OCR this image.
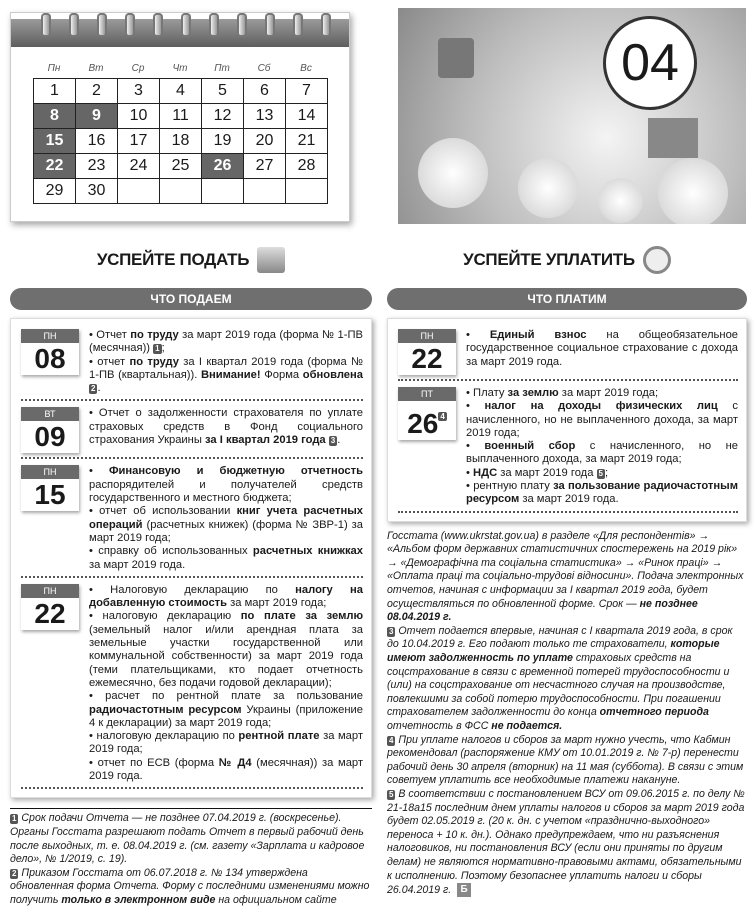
Пн	Вт	Ср	Чт	Пт	Сб	Вс
1	2	3	4	5	6	7
8	9	10	11	12	13	14
15	16	17	18	19	20	21
22	23	24	25	26	27	28
29	30					
04
УСПЕЙТЕ ПОДАТЬ	УСПЕЙТЕ УПЛАТИТЬ
ЧТО ПОДАЕМ	ЧТО ПЛАТИМ
ПН
08

• Отчет по труду за март 2019 года (форма № 1-ПВ (месячная)) 1 ;

• отчет по труду за I квартал 2019 года (форма № 1-ПВ (квартальная)). Внимание! Форма обновлена 2 .

ВТ
09

• Отчет о задолженности страхователя по уплате страховых средств в Фонд социального страхования Украины за I квартал 2019 года 3 .

ПН
15

• Финансовую и бюджетную отчетность распорядителей и получателей средств государственного и местного бюджета;

• отчет об использовании книг учета расчетных операций (расчетных книжек) (форма № ЗВР-1) за март 2019 года;

• справку об использованных расчетных книжках за март 2019 года.

ПН
22

• Налоговую декларацию по налогу на добавленную стоимость за март 2019 года;

• налоговую декларацию по плате за землю (земельный налог и/или арендная плата за земельные участки государственной или коммунальной собственности) за март 2019 года (теми плательщиками, кто подает отчетность ежемесячно, без подачи годовой декларации);

• расчет по рентной плате за пользование радиочастотным ресурсом Украины (приложение 4 к декларации) за март 2019 года;

• налоговую декларацию по рентной плате за март 2019 года;

• отчет по ЕСВ (форма № Д4 (месячная)) за март 2019 года.

1 Срок подачи Отчета — не позднее 07.04.2019 г. (воскресенье). Органы Госстата разрешают подать Отчет в первый рабочий день после выходных, т. е. 08.04.2019 г. (см. газету «Зарплата и кадровое дело», № 1/2019, с. 19).

2 Приказом Госстата от 06.07.2018 г. № 134 утверждена обновленная форма Отчета. Форму с последними изменениями можно получить только в электронном виде на официальном сайте

ПН
22

• Единый взнос на общеобязательное государственное социальное страхование с дохода за март 2019 года.

ПТ
26 $^4$

• Плату за землю за март 2019 года;

• налог на доходы физических лиц с начисленного, но не выплаченного дохода, за март 2019 года;

• военный сбор с начисленного, но не выплаченного дохода, за март 2019 года;

• НДС за март 2019 года 5 ;

• рентную плату за пользование радиочастотным ресурсом за март 2019 года.

Госстата (www.ukrstat.gov.ua) в разделе «Для респондентів» → «Альбом форм державних статистичних спостережень на 2019 рік» → «Демографічна та соціальна статистика» → «Ринок праці» → «Оплата праці та соціально-трудові відносини». Подача электронных отчетов, начиная с информации за I квартал 2019 года, будет осуществляться по обновленной форме. Срок — не позднее 08.04.2019 г.

3 Отчет подается впервые, начиная с I квартала 2019 года, в срок до 10.04.2019 г. Его подают только те страхователи, которые имеют задолженность по уплате страховых средств на соцстрахование в связи с временной потерей трудоспособности и (или) на соцстрахование от несчастного случая на производстве, повлекшими за собой потерю трудоспособности. При погашении страхователем задолженности до конца отчетного периода отчетность в ФСС не подается.

4 При уплате налогов и сборов за март нужно учесть, что Кабмин рекомендовал (распоряжение КМУ от 10.01.2019 г. № 7-р) перенести рабочий день 30 апреля (вторник) на 11 мая (суббота). В связи с этим советуем уплатить все необходимые платежи накануне.

5 В соответствии с постановлением ВСУ от 09.06.2015 г. по делу № 21-18а15 последним днем уплаты налогов и сборов за март 2019 года будет 02.05.2019 г. (20 к. дн. с учетом «празднично-выходного» переноса + 10 к. дн.). Однако предупреждаем, что ни разъяснения налоговиков, ни постановления ВСУ (если они приняты по другим делам) не являются нормативно-правовыми актами, обязательными к исполнению. Поэтому безопаснее уплатить налоги и сборы 26.04.2019 г. Б
